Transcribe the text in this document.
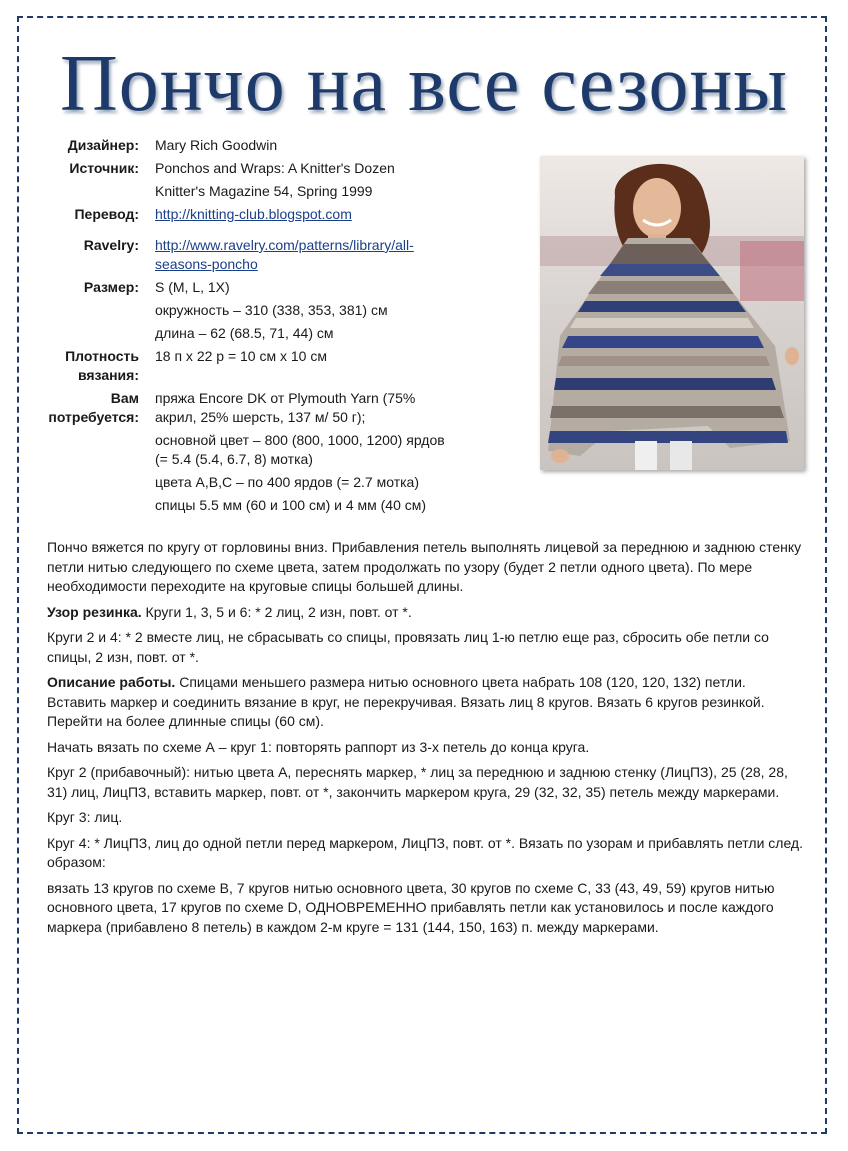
Пончо на все сезоны
Дизайнер:	Mary Rich Goodwin
Источник:	Ponchos and Wraps: A Knitter's Dozen
Knitter's Magazine 54, Spring 1999
Перевод:	http://knitting-club.blogspot.com
Ravelry:	http://www.ravelry.com/patterns/library/all-
seasons-poncho
Размер:	S (M, L, 1X)
окружность – 310 (338, 353, 381) см
длина – 62 (68.5, 71, 44) см
Плотность
вязания:
18 п х 22 р = 10 см х 10 см
Вам
потребуется:
пряжа Encore DK от Plymouth Yarn (75%
акрил, 25% шерсть, 137 м/ 50 г);
основной цвет – 800 (800, 1000, 1200) ярдов
(= 5.4 (5.4, 6.7, 8) мотка)
цвета A,B,C – по 400 ярдов (= 2.7 мотка)
спицы 5.5 мм (60 и 100 см) и 4 мм (40 см)

Пончо вяжется по кругу от горловины вниз. Прибавления петель выполнять лицевой за переднюю и заднюю стенку петли нитью следующего по схеме цвета, затем продолжать по узору (будет 2 петли одного цвета). По мере необходимости переходите на круговые спицы большей длины.

Узор резинка. Круги 1, 3, 5 и 6: * 2 лиц, 2 изн, повт. от *.

Круги 2 и 4: * 2 вместе лиц, не сбрасывать со спицы, провязать лиц 1-ю петлю еще раз, сбросить обе петли со спицы, 2 изн, повт. от *.

Описание работы. Спицами меньшего размера нитью основного цвета набрать 108 (120, 120, 132) петли. Вставить маркер и соединить вязание в круг, не перекручивая. Вязать лиц 8 кругов. Вязать 6 кругов резинкой. Перейти на более длинные спицы (60 см).

Начать вязать по схеме А – круг 1: повторять раппорт из 3-х петель до конца круга.

Круг 2 (прибавочный): нитью цвета А, переснять маркер, * лиц за переднюю и заднюю стенку (ЛицПЗ), 25 (28, 28, 31) лиц, ЛицПЗ, вставить маркер, повт. от *, закончить маркером круга, 29 (32, 32, 35) петель между маркерами.

Круг 3: лиц.

Круг 4: * ЛицПЗ, лиц до одной петли перед маркером, ЛицПЗ, повт. от *. Вязать по узорам и прибавлять петли след. образом:

вязать 13 кругов по схеме В, 7 кругов нитью основного цвета, 30 кругов по схеме С, 33 (43, 49, 59) кругов нитью основного цвета, 17 кругов по схеме D, ОДНОВРЕМЕННО прибавлять петли как установилось и после каждого маркера (прибавлено 8 петель) в каждом 2-м круге = 131 (144, 150, 163) п. между маркерами.
